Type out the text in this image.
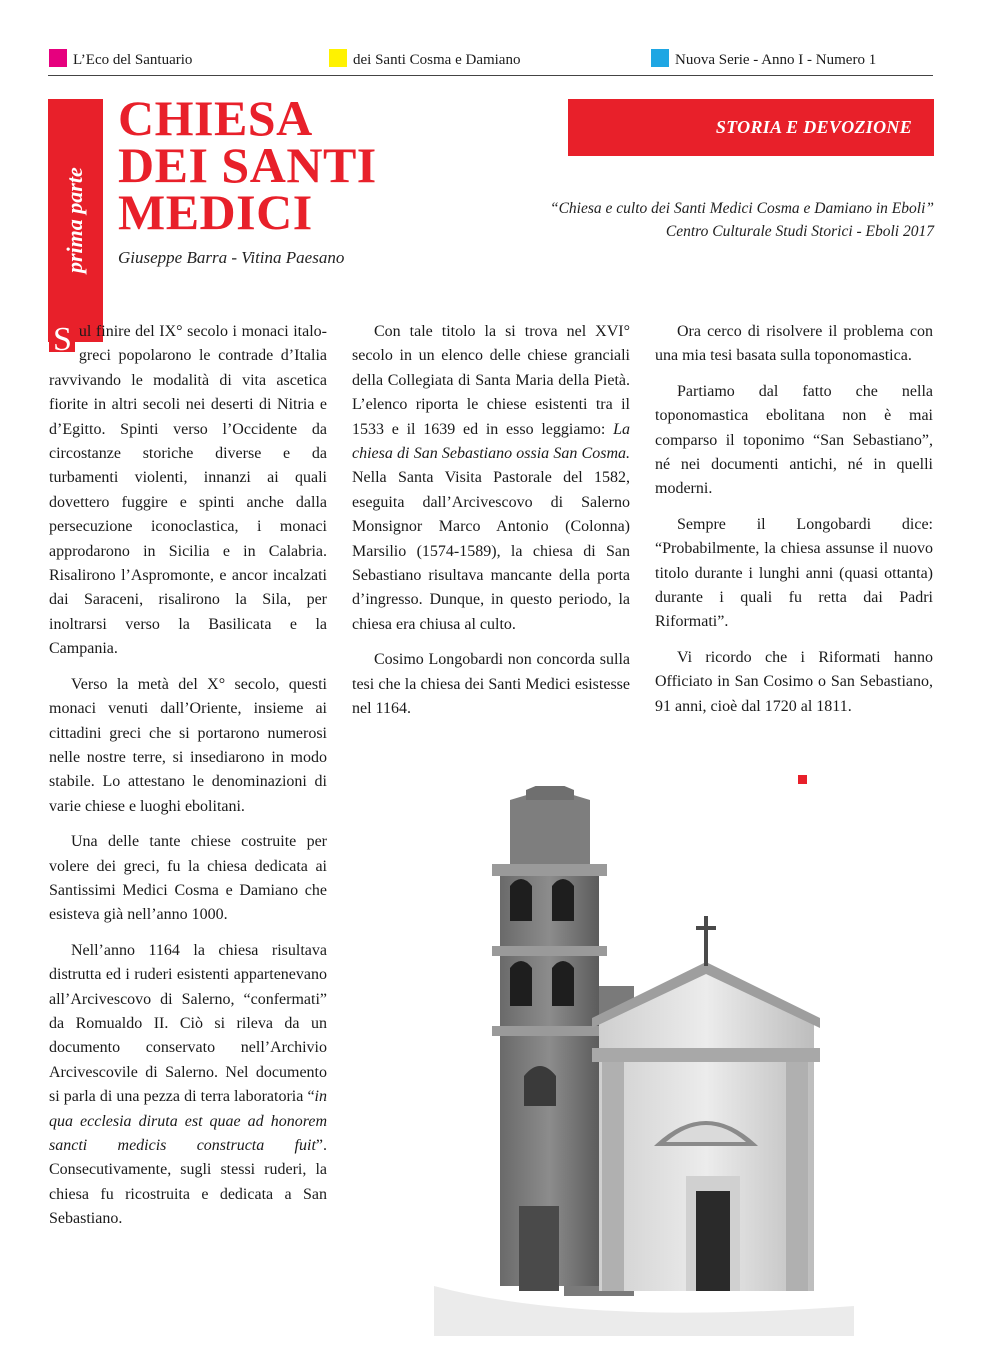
L’Eco del Santuario	dei Santi Cosma e Damiano	Nuova Serie - Anno I - Numero 1
CHIESA
DEI SANTI
MEDICI
Giuseppe Barra - Vitina Paesano
STORIA E DEVOZIONE
“Chiesa e culto dei Santi Medici Cosma e Damiano in Eboli”
Centro Culturale Studi Storici - Eboli 2017

S ul finire del IX° secolo i monaci italo-greci popolarono le contrade d’Italia ravvivando le modalità di vita ascetica fiorite in altri secoli nei deserti di Nitria e d’Egitto. Spinti verso l’Occidente da circostanze storiche diverse e da turbamenti violenti, innanzi ai quali dovettero fuggire e spinti anche dalla persecuzione iconoclastica, i monaci approdarono in Sicilia e in Calabria. Risalirono l’Aspromonte, e ancor incalzati dai Saraceni, risalirono la Sila, per inoltrarsi verso la Basilicata e la Campania.

Verso la metà del X° secolo, questi monaci venuti dall’Oriente, insieme ai cittadini greci che si portarono numerosi nelle nostre terre, si insediarono in modo stabile. Lo attestano le denominazioni di varie chiese e luoghi ebolitani.

Una delle tante chiese costruite per volere dei greci, fu la chiesa dedicata ai Santissimi Medici Cosma e Damiano che esisteva già nell’anno 1000.

Nell’anno 1164 la chiesa risultava distrutta ed i ruderi esistenti appartenevano all’Arcivescovo di Salerno, “confermati” da Romualdo II. Ciò si rileva da un documento conservato nell’Archivio Arcivescovile di Salerno. Nel documento si parla di una pezza di terra laboratoria “in qua ecclesia diruta est quae ad honorem sancti medicis constructa fuit”. Consecutivamente, sugli stessi ruderi, la chiesa fu ricostruita e dedicata a San Sebastiano.

Con tale titolo la si trova nel XVI° secolo in un elenco delle chiese granciali della Collegiata di Santa Maria della Pietà. L’elenco riporta le chiese esistenti tra il 1533 e il 1639 ed in esso leggiamo: La chiesa di San Sebastiano ossia San Cosma. Nella Santa Visita Pastorale del 1582, eseguita dall’Arcivescovo di Salerno Monsignor Marco Antonio (Colonna) Marsilio (1574-1589), la chiesa di San Sebastiano risultava mancante della porta d’ingresso. Dunque, in questo periodo, la chiesa era chiusa al culto.

Cosimo Longobardi non concorda sulla tesi che la chiesa dei Santi Medici esistesse nel 1164.

Ora cerco di risolvere il problema con una mia tesi basata sulla toponomastica.

Partiamo dal fatto che nella toponomastica ebolitana non è mai comparso il toponimo “San Sebastiano”, né nei documenti antichi, né in quelli moderni.

Sempre il Longobardi dice: “Probabilmente, la chiesa assunse il nuovo titolo durante i lunghi anni (quasi ottanta) durante i quali fu retta dai Padri Riformati”.

Vi ricordo che i Riformati hanno Officiato in San Cosimo o San Sebastiano, 91 anni, cioè dal 1720 al 1811.
